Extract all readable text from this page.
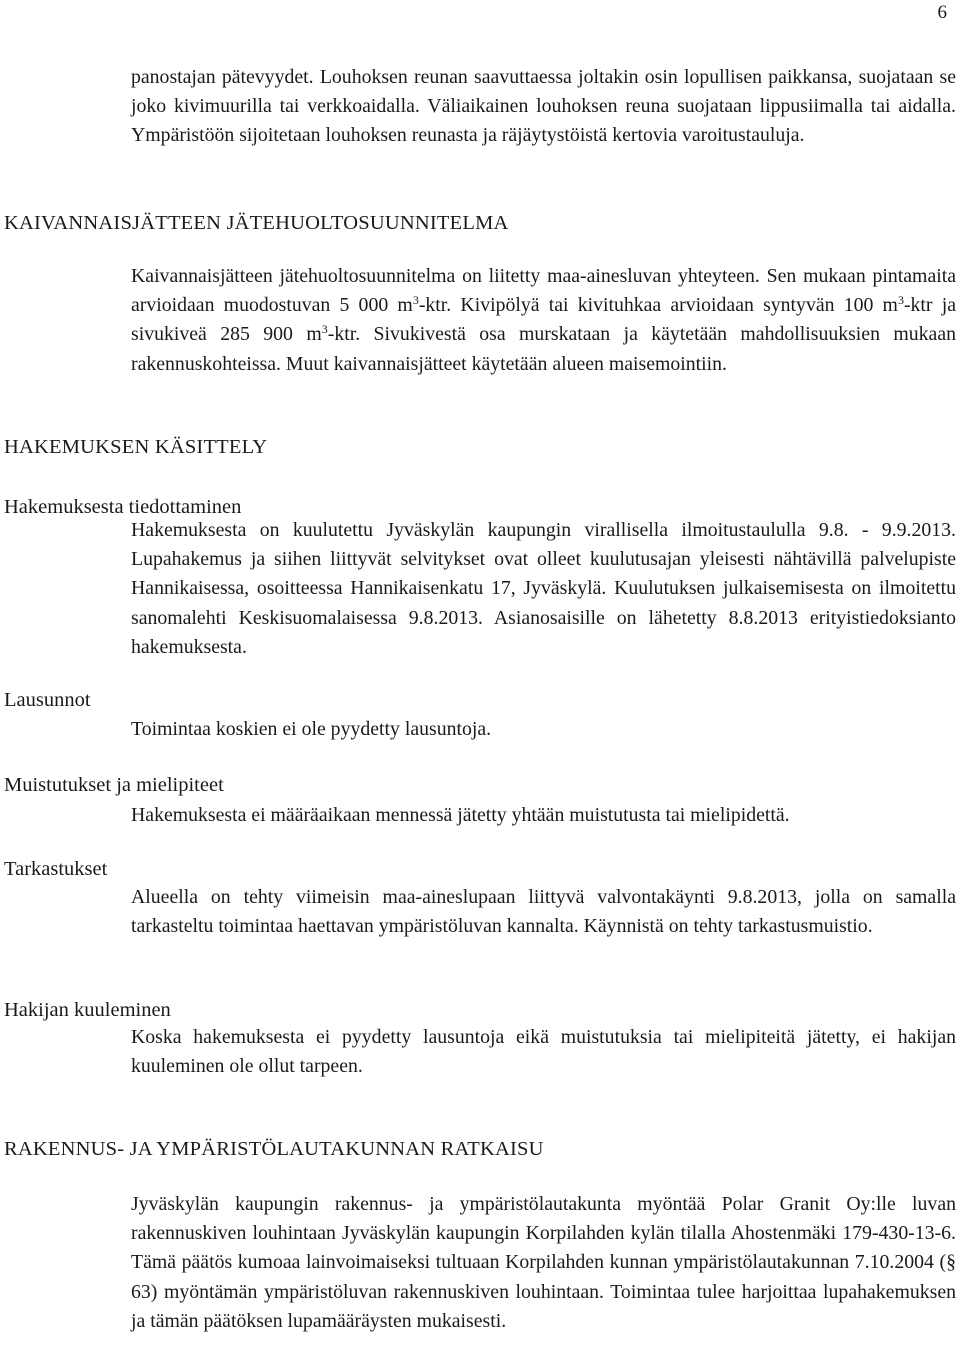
6

panostajan pätevyydet. Louhoksen reunan saavuttaessa joltakin osin lopullisen paikkansa, suojataan se joko kivimuurilla tai verkkoaidalla. Väliaikainen louhoksen reuna suojataan lippusiimalla tai aidalla. Ympäristöön sijoitetaan louhoksen reunasta ja räjäytystöistä kertovia varoitustauluja.

KAIVANNAISJÄTTEEN JÄTEHUOLTOSUUNNITELMA

Kaivannaisjätteen jätehuoltosuunnitelma on liitetty maa-ainesluvan yhteyteen. Sen mukaan pintamaita arvioidaan muodostuvan 5 000 $m^3$-ktr. Kivipölyä tai kivituhkaa arvioidaan syntyvän 100 $m^3$-ktr ja sivukiveä 285 900 $m^3$-ktr. Sivukivestä osa murskataan ja käytetään mahdollisuuksien mukaan rakennuskohteissa. Muut kaivannaisjätteet käytetään alueen maisemointiin.

HAKEMUKSEN KÄSITTELY
Hakemuksesta tiedottaminen

Hakemuksesta on kuulutettu Jyväskylän kaupungin virallisella ilmoitustaululla 9.8. - 9.9.2013. Lupahakemus ja siihen liittyvät selvitykset ovat olleet kuulutusajan yleisesti nähtävillä palvelupiste Hannikaisessa, osoitteessa Hannikaisenkatu 17, Jyväskylä. Kuulutuksen julkaisemisesta on ilmoitettu sanomalehti Keskisuomalaisessa 9.8.2013. Asianosaisille on lähetetty 8.8.2013 erityistiedoksianto hakemuksesta.

Lausunnot

Toimintaa koskien ei ole pyydetty lausuntoja.

Muistutukset ja mielipiteet

Hakemuksesta ei määräaikaan mennessä jätetty yhtään muistutusta tai mielipidettä.

Tarkastukset

Alueella on tehty viimeisin maa-aineslupaan liittyvä valvontakäynti 9.8.2013, jolla on samalla tarkasteltu toimintaa haettavan ympäristöluvan kannalta. Käynnistä on tehty tarkastusmuistio.

Hakijan kuuleminen

Koska hakemuksesta ei pyydetty lausuntoja eikä muistutuksia tai mielipiteitä jätetty, ei hakijan kuuleminen ole ollut tarpeen.

RAKENNUS- JA YMPÄRISTÖLAUTAKUNNAN RATKAISU

Jyväskylän kaupungin rakennus- ja ympäristölautakunta myöntää Polar Granit Oy:lle luvan rakennuskiven louhintaan Jyväskylän kaupungin Korpilahden kylän tilalla Ahostenmäki 179-430-13-6. Tämä päätös kumoaa lainvoimaiseksi tultuaan Korpilahden kunnan ympäristölautakunnan 7.10.2004 (§ 63) myöntämän ympäristöluvan rakennuskiven louhintaan. Toimintaa tulee harjoittaa lupahakemuksen ja tämän päätöksen lupamääräysten mukaisesti.
